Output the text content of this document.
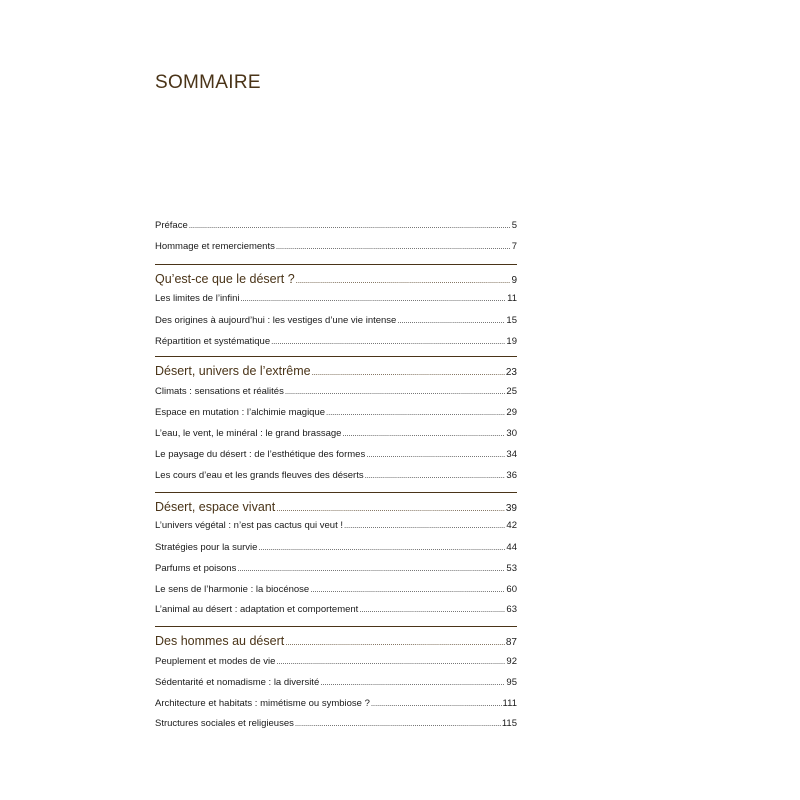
SOMMAIRE
Préface .....	5
Hommage et remerciements .....	7
Qu’est-ce que le désert ? .....	9
Les limites de l’infini .....	11
Des origines à aujourd’hui : les vestiges d’une vie intense .....	15
Répartition et systématique .....	19
Désert, univers de l’extrême .....	23
Climats : sensations et réalités .....	25
Espace en mutation : l’alchimie magique .....	29
L’eau, le vent, le minéral : le grand brassage .....	30
Le paysage du désert : de l’esthétique des formes .....	34
Les cours d’eau et les grands fleuves des déserts .....	36
Désert, espace vivant .....	39
L’univers végétal : n’est pas cactus qui veut ! .....	42
Stratégies pour la survie .....	44
Parfums et poisons .....	53
Le sens de l’harmonie : la biocénose .....	60
L’animal au désert : adaptation et comportement .....	63
Des hommes au désert .....	87
Peuplement et modes de vie .....	92
Sédentarité et nomadisme : la diversité .....	95
Architecture et habitats : mimétisme ou symbiose ? .....	111
Structures sociales et religieuses .....	115
